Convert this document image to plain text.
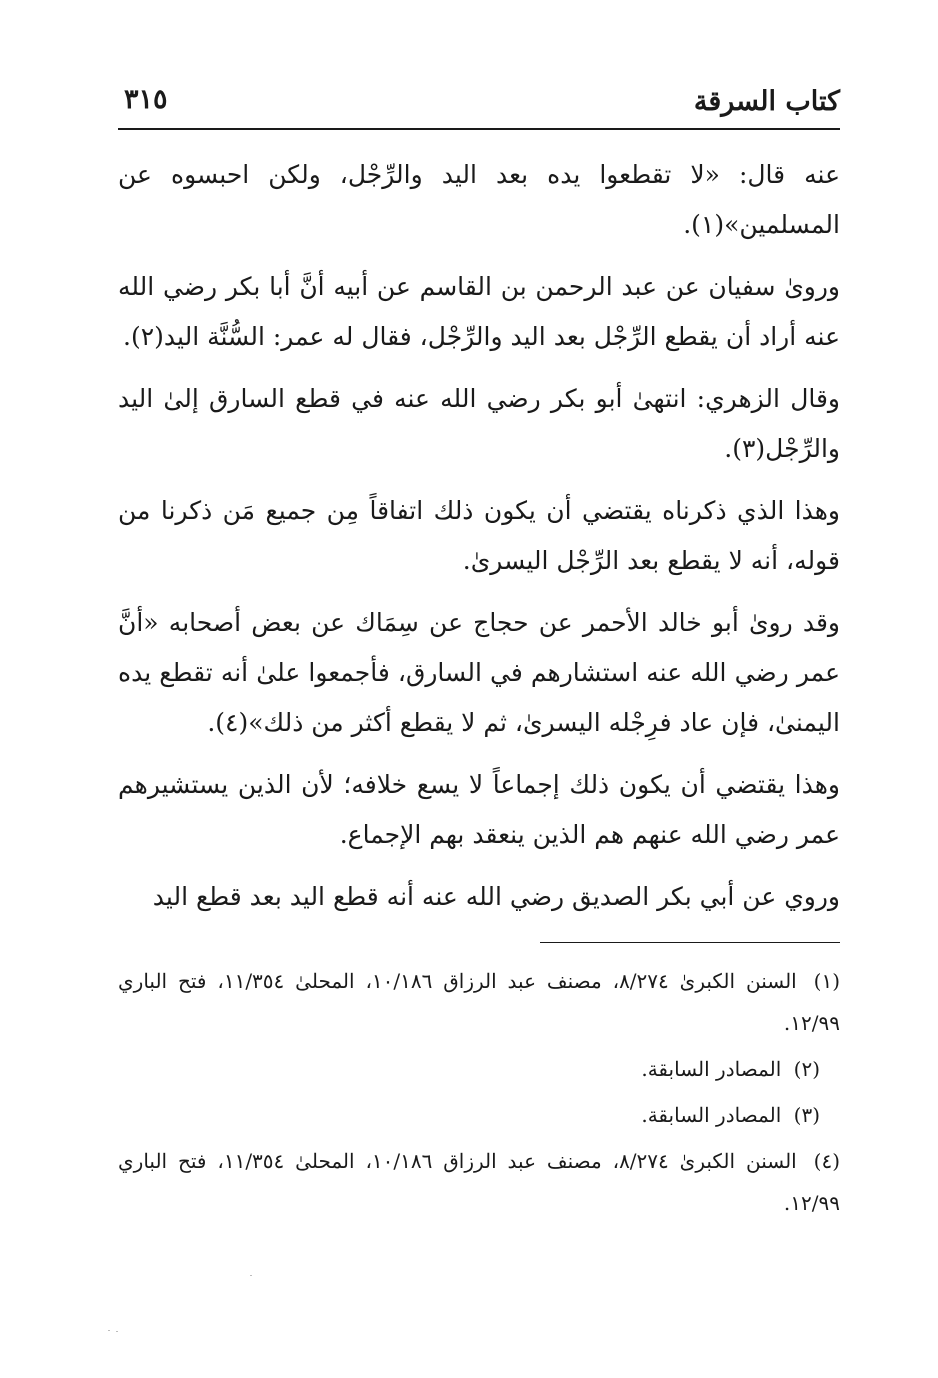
كتاب السرقة
٣١٥

عنه قال: «لا تقطعوا يده بعد اليد والرِّجْل، ولكن احبسوه عن المسلمين»(١).

وروىٰ سفيان عن عبد الرحمن بن القاسم عن أبيه أنَّ أبا بكر رضي الله عنه أراد أن يقطع الرِّجْل بعد اليد والرِّجْل، فقال له عمر: السُّنَّة اليد(٢).

وقال الزهري: انتهىٰ أبو بكر رضي الله عنه في قطع السارق إلىٰ اليد والرِّجْل(٣).

وهذا الذي ذكرناه يقتضي أن يكون ذلك اتفاقاً مِن جميع مَن ذكرنا من قوله، أنه لا يقطع بعد الرِّجْل اليسرىٰ.

وقد روىٰ أبو خالد الأحمر عن حجاج عن سِمَاك عن بعض أصحابه «أنَّ عمر رضي الله عنه استشارهم في السارق، فأجمعوا علىٰ أنه تقطع يده اليمنىٰ، فإن عاد فرِجْله اليسرىٰ، ثم لا يقطع أكثر من ذلك»(٤).

وهذا يقتضي أن يكون ذلك إجماعاً لا يسع خلافه؛ لأن الذين يستشيرهم عمر رضي الله عنهم هم الذين ينعقد بهم الإجماع.

وروي عن أبي بكر الصديق رضي الله عنه أنه قطع اليد بعد قطع اليد

(١) السنن الكبرىٰ ٨/٢٧٤، مصنف عبد الرزاق ١٠/١٨٦، المحلىٰ ١١/٣٥٤، فتح الباري ١٢/٩٩.

(٢) المصادر السابقة.

(٣) المصادر السابقة.

(٤) السنن الكبرىٰ ٨/٢٧٤، مصنف عبد الرزاق ١٠/١٨٦، المحلىٰ ١١/٣٥٤، فتح الباري ١٢/٩٩.
